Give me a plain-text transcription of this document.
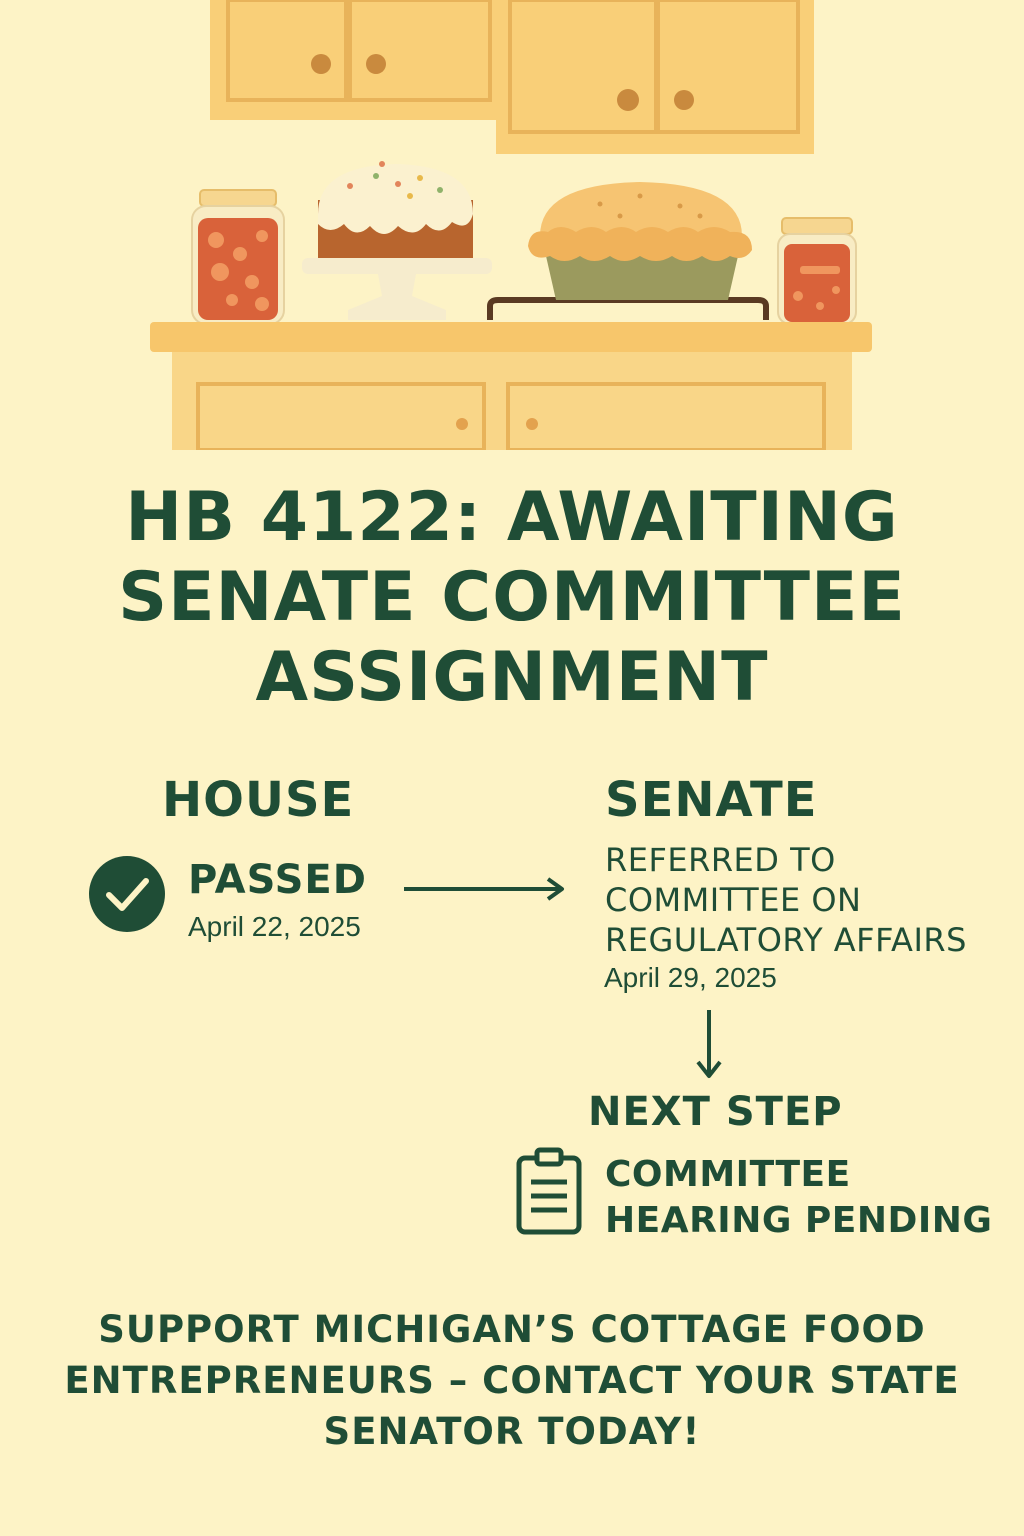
HB 4122: AWAITING
SENATE COMMITTEE
ASSIGNMENT
HOUSE
PASSED
April 22, 2025
SENATE
REFERRED TO
COMMITTEE ON
REGULATORY AFFAIRS
April 29, 2025
NEXT STEP
COMMITTEE
HEARING PENDING
SUPPORT MICHIGAN’S COTTAGE FOOD
ENTREPRENEURS – CONTACT YOUR STATE
SENATOR TODAY!
